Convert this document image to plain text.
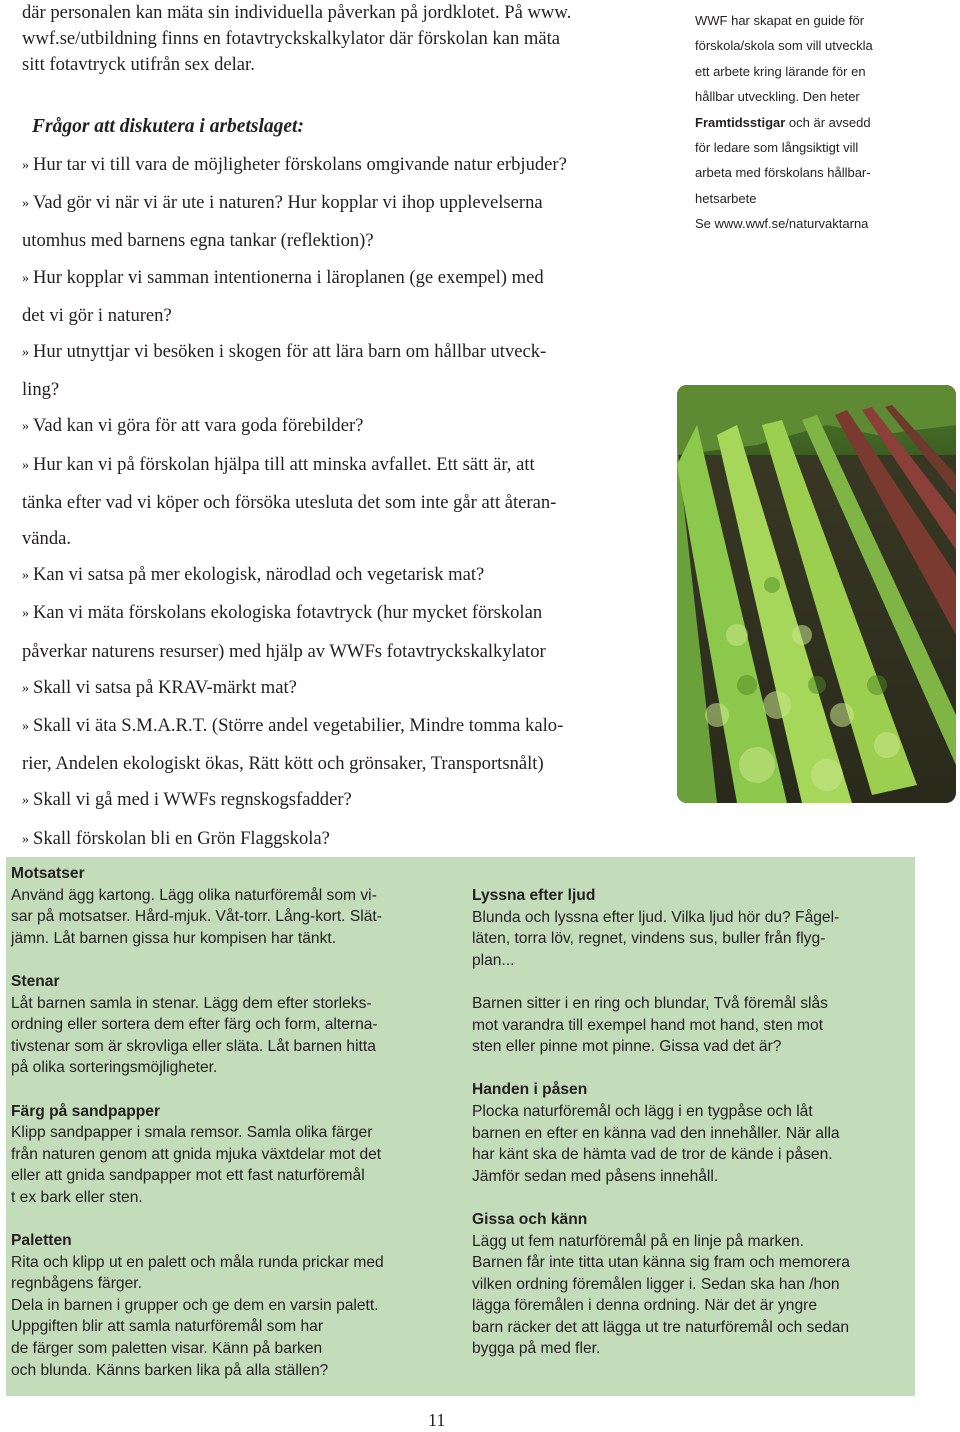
där personalen kan mäta sin individuella påverkan på jordklotet. På www.
wwf.se/utbildning finns en fotavtryckskalkylator där förskolan kan mäta
sitt fotavtryck utifrån sex delar.
Frågor att diskutera i arbetslaget:
» Hur tar vi till vara de möjligheter förskolans omgivande natur erbjuder?
» Vad gör vi när vi är ute i naturen? Hur kopplar vi ihop upplevelserna
utomhus med barnens egna tankar (reflektion)?
» Hur kopplar vi samman intentionerna i läroplanen (ge exempel) med
det vi gör i naturen?
» Hur utnyttjar vi besöken i skogen för att lära barn om hållbar utveck-
ling?
» Vad kan vi göra för att vara goda förebilder?
» Hur kan vi på förskolan hjälpa till att minska avfallet. Ett sätt är, att
tänka efter vad vi köper och försöka utesluta det som inte går att återan-
vända.
» Kan vi satsa på mer ekologisk, närodlad och vegetarisk mat?
» Kan vi mäta förskolans ekologiska fotavtryck (hur mycket förskolan
påverkar naturens resurser) med hjälp av WWFs fotavtryckskalkylator
» Skall vi satsa på KRAV-märkt mat?
» Skall vi äta S.M.A.R.T. (Större andel vegetabilier, Mindre tomma kalo-
rier, Andelen ekologiskt ökas, Rätt kött och grönsaker, Transportsnålt)
» Skall vi gå med i WWFs regnskogsfadder?
» Skall förskolan bli en Grön Flaggskola?
WWF har skapat en guide för
förskola/skola som vill utveckla
ett arbete kring lärande för en
hållbar utveckling. Den heter
Framtidsstigar och är avsedd
för ledare som långsiktigt vill
arbeta med förskolans hållbar-
hetsarbete
Se www.wwf.se/naturvaktarna
Motsatser

Använd ägg kartong. Lägg olika naturföremål som vi-
sar på motsatser. Hård-mjuk. Våt-torr. Lång-kort. Slät-
jämn. Låt barnen gissa hur kompisen har tänkt.

Stenar

Låt barnen samla in stenar. Lägg dem efter storleks-
ordning eller sortera dem efter färg och form, alterna-
tivstenar som är skrovliga eller släta. Låt barnen hitta
på olika sorteringsmöjligheter.

Färg på sandpapper

Klipp sandpapper i smala remsor. Samla olika färger
från naturen genom att gnida mjuka växtdelar mot det
eller att gnida sandpapper mot ett fast naturföremål
t ex bark eller sten.

Paletten

Rita och klipp ut en palett och måla runda prickar med
regnbågens färger.
Dela in barnen i grupper och ge dem en varsin palett.
Uppgiften blir att samla naturföremål som har
de färger som paletten visar. Känn på barken
och blunda. Känns barken lika på alla ställen?

Lyssna efter ljud

Blunda och lyssna efter ljud. Vilka ljud hör du? Fågel-
läten, torra löv, regnet, vindens sus, buller från flyg-
plan...

Barnen sitter i en ring och blundar, Två föremål slås
mot varandra till exempel hand mot hand, sten mot
sten eller pinne mot pinne. Gissa vad det är?

Handen i påsen

Plocka naturföremål och lägg i en tygpåse och låt
barnen en efter en känna vad den innehåller. När alla
har känt ska de hämta vad de tror de kände i påsen.
Jämför sedan med påsens innehåll.

Gissa och känn

Lägg ut fem naturföremål på en linje på marken.
Barnen får inte titta utan känna sig fram och memorera
vilken ordning föremålen ligger i. Sedan ska han /hon
lägga föremålen i denna ordning. När det är yngre
barn räcker det att lägga ut tre naturföremål och sedan
bygga på med fler.

11
